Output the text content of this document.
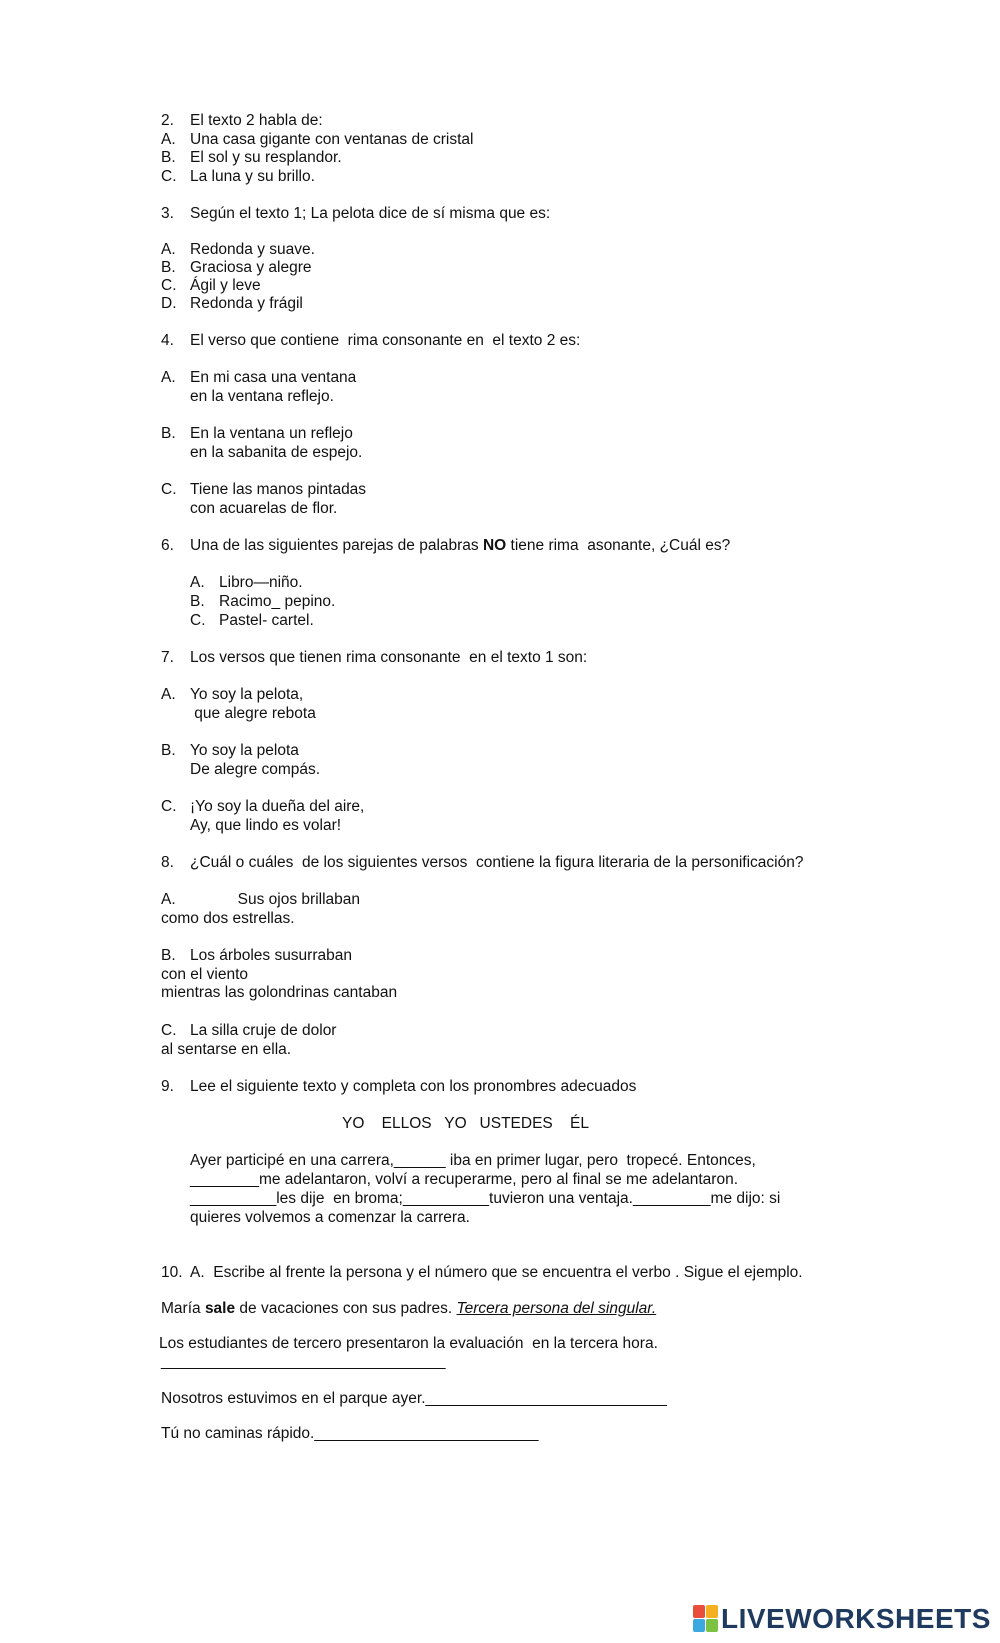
2. El texto 2 habla de:
A. Una casa gigante con ventanas de cristal
B. El sol y su resplandor.
C. La luna y su brillo.
3. Según el texto 1; La pelota dice de sí misma que es:
A. Redonda y suave.
B. Graciosa y alegre
C. Ágil y leve
D. Redonda y frágil
4. El verso que contiene  rima consonante en  el texto 2 es:
A. En mi casa una ventana
en la ventana reflejo.
B. En la ventana un reflejo
en la sabanita de espejo.
C. Tiene las manos pintadas
con acuarelas de flor.
6. Una de las siguientes parejas de palabras NO tiene rima  asonante, ¿Cuál es?
A. Libro—niño.
B. Racimo_ pepino.
C. Pastel- cartel.
7. Los versos que tienen rima consonante  en el texto 1 son:
A. Yo soy la pelota,
que alegre rebota
B. Yo soy la pelota
De alegre compás.
C. ¡Yo soy la dueña del aire,
Ay, que lindo es volar!
8. ¿Cuál o cuáles  de los siguientes versos  contiene la figura literaria de la personificación?
A.	Sus ojos brillaban
como dos estrellas.
B. Los árboles susurraban
con el viento
mientras las golondrinas cantaban
C. La silla cruje de dolor
al sentarse en ella.
9. Lee el siguiente texto y completa con los pronombres adecuados
YO    ELLOS   YO   USTEDES    ÉL
Ayer participé en una carrera,______ iba en primer lugar, pero  tropecé. Entonces,
________me adelantaron, volví a recuperarme, pero al final se me adelantaron.
__________les dije  en broma;__________tuvieron una ventaja._________me dijo: si
quieres volvemos a comenzar la carrera.
10. A.  Escribe al frente la persona y el número que se encuentra el verbo . Sigue el ejemplo.
María sale de vacaciones con sus padres. Tercera persona del singular.
Los estudiantes de tercero presentaron la evaluación  en la tercera hora.
_________________________________
Nosotros estuvimos en el parque ayer.____________________________
Tú no caminas rápido.__________________________
LIVEWORKSHEETS
